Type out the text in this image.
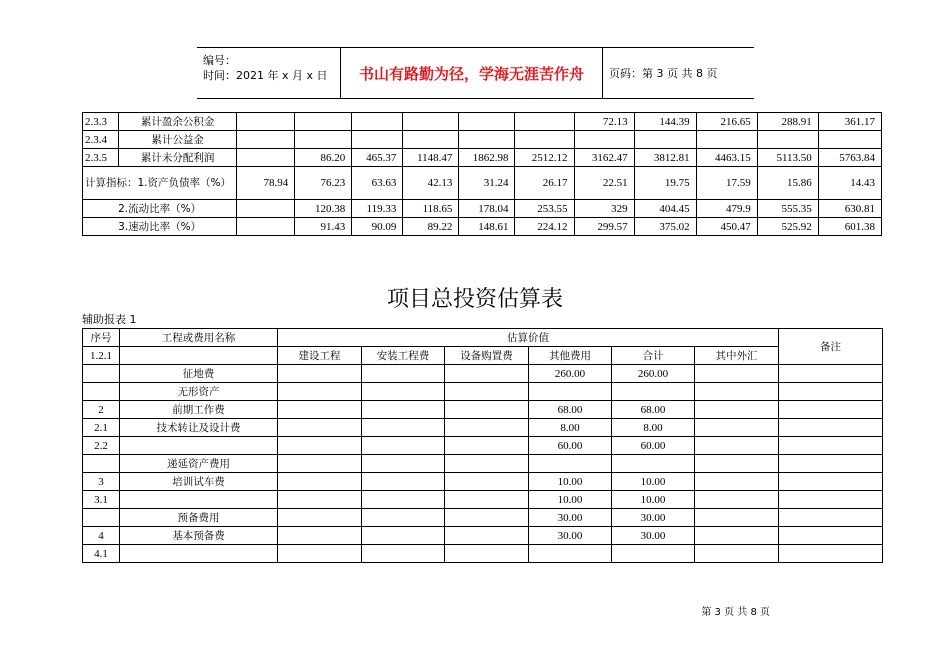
编号：
时间：2021 年 x 月 x 日	书山有路勤为径，学海无涯苦作舟	页码：第 3 页 共 8 页
2.3.3	累计盈余公积金							72.13	144.39	216.65	288.91	361.17
2.3.4	累计公益金											
2.3.5	累计未分配利润		86.20	465.37	1148.47	1862.98	2512.12	3162.47	3812.81	4463.15	5113.50	5763.84
计算指标：1.资产负债率（%）		78.94	76.23	63.63	42.13	31.24	26.17	22.51	19.75	17.59	15.86	14.43
2.流动比率（%）			120.38	119.33	118.65	178.04	253.55	329	404.45	479.9	555.35	630.81
3.速动比率（%）			91.43	90.09	89.22	148.61	224.12	299.57	375.02	450.47	525.92	601.38
项目总投资估算表
辅助报表 1
序号	工程或费用名称	估算价值						备注
1.2.1		建设工程	安装工程费	设备购置费	其他费用	合计	其中外汇	
	征地费				260.00	260.00		
	无形资产							
2	前期工作费				68.00	68.00		
2.1	技术转让及设计费				8.00	8.00		
2.2					60.00	60.00		
	递延资产费用							
3	培训试车费				10.00	10.00		
3.1					10.00	10.00		
	预备费用				30.00	30.00		
4	基本预备费				30.00	30.00		
4.1								
第 3 页 共 8 页
